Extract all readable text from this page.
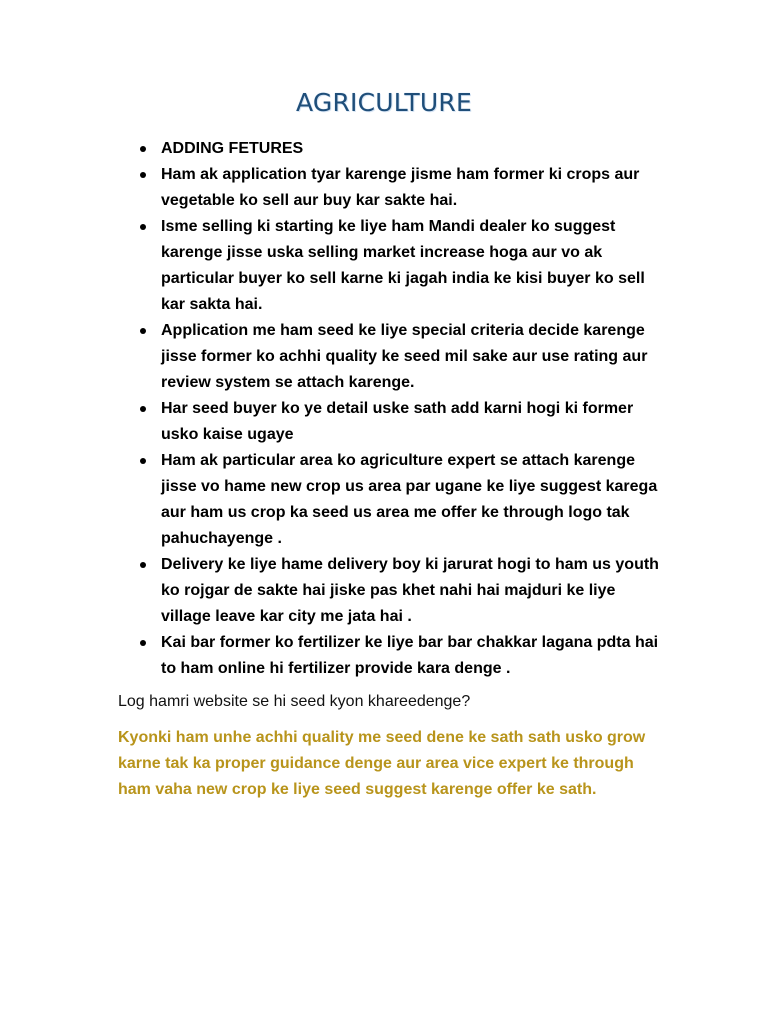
AGRICULTURE
ADDING FETURES
Ham ak application tyar karenge jisme ham former ki crops aur vegetable ko sell aur buy kar sakte hai.
Isme selling ki starting ke liye ham Mandi dealer ko suggest karenge jisse uska selling market increase hoga aur vo ak particular buyer ko sell karne ki jagah india ke kisi buyer ko sell kar sakta hai.
Application me ham seed ke liye special criteria decide karenge jisse former ko achhi quality ke seed mil sake aur use rating aur review system se attach karenge.
Har seed buyer ko ye detail uske sath add karni hogi ki former usko kaise ugaye
Ham ak particular area ko agriculture expert se attach karenge jisse vo hame new crop us area par ugane ke liye suggest karega aur ham us crop ka seed us area me offer ke through logo tak pahuchayenge .
Delivery ke liye hame delivery boy ki jarurat hogi to ham us youth ko rojgar de sakte hai jiske pas khet nahi hai majduri ke liye village leave kar city me jata hai .
Kai bar former ko fertilizer ke liye bar bar chakkar lagana pdta hai to ham online hi fertilizer provide kara denge .
Log hamri website se hi seed kyon khareedenge?
Kyonki ham unhe achhi quality me seed dene ke sath sath usko grow karne tak ka proper guidance denge aur area vice expert ke through ham vaha new crop ke liye seed suggest karenge offer ke sath.
